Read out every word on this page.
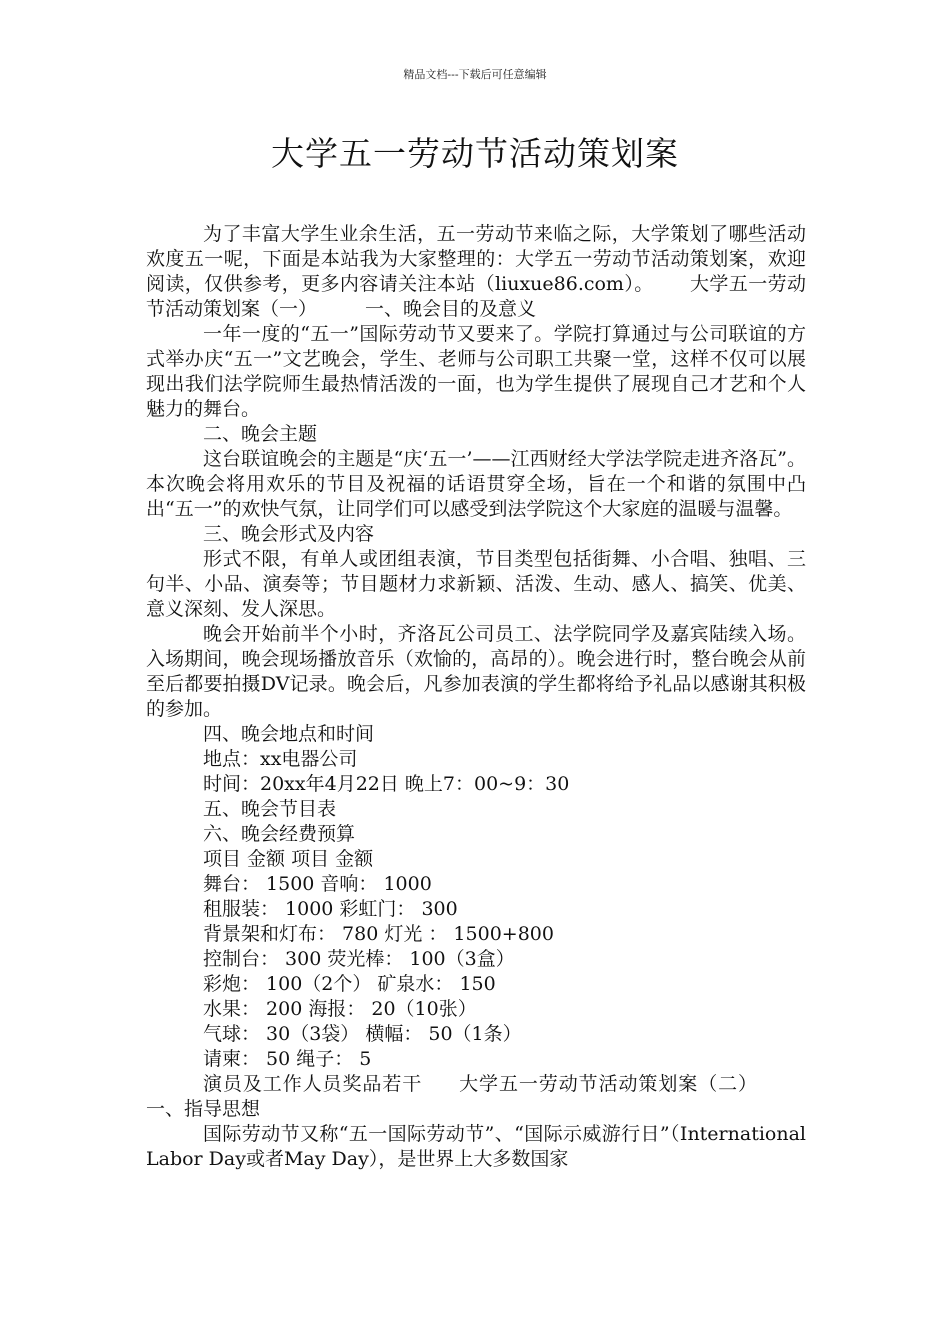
精品文档---下载后可任意编辑
大学五一劳动节活动策划案

为了丰富大学生业余生活，五一劳动节来临之际，大学策划了哪些活动欢度五一呢，下面是本站我为大家整理的：大学五一劳动节活动策划案，欢迎阅读，仅供参考，更多内容请关注本站（liuxue86.com）。 大学五一劳动节活动策划案（一）	一、晚会目的及意义

一年一度的“五一”国际劳动节又要来了。学院打算通过与公司联谊的方式举办庆“五一”文艺晚会，学生、老师与公司职工共聚一堂，这样不仅可以展现出我们法学院师生最热情活泼的一面，也为学生提供了展现自己才艺和个人魅力的舞台。

二、晚会主题

这台联谊晚会的主题是“庆‘五一’——江西财经大学法学院走进齐洛瓦”。本次晚会将用欢乐的节目及祝福的话语贯穿全场，旨在一个和谐的氛围中凸出“五一”的欢快气氛，让同学们可以感受到法学院这个大家庭的温暖与温馨。

三、晚会形式及内容

形式不限，有单人或团组表演，节目类型包括街舞、小合唱、独唱、三句半、小品、演奏等；节目题材力求新颖、活泼、生动、感人、搞笑、优美、意义深刻、发人深思。

晚会开始前半个小时，齐洛瓦公司员工、法学院同学及嘉宾陆续入场。入场期间，晚会现场播放音乐（欢愉的，高昂的）。晚会进行时，整台晚会从前至后都要拍摄DV记录。晚会后，凡参加表演的学生都将给予礼品以感谢其积极的参加。

四、晚会地点和时间

地点：xx电器公司

时间：20xx年4月22日 晚上7：00~9：30

五、晚会节目表

六、晚会经费预算

项目 金额 项目 金额

舞台： 1500 音响： 1000

租服装： 1000 彩虹门： 300

背景架和灯布： 780 灯光 ： 1500+800

控制台： 300 荧光棒： 100（3盒）

彩炮： 100（2个） 矿泉水： 150

水果： 200 海报： 20（10张）

气球： 30（3袋） 横幅： 50（1条）

请柬： 50 绳子： 5

演员及工作人员奖品若干 大学五一劳动节活动策划案（二）一、指导思想

国际劳动节又称“五一国际劳动节”、“国际示威游行日”（International Labor Day或者May Day），是世界上大多数国家
